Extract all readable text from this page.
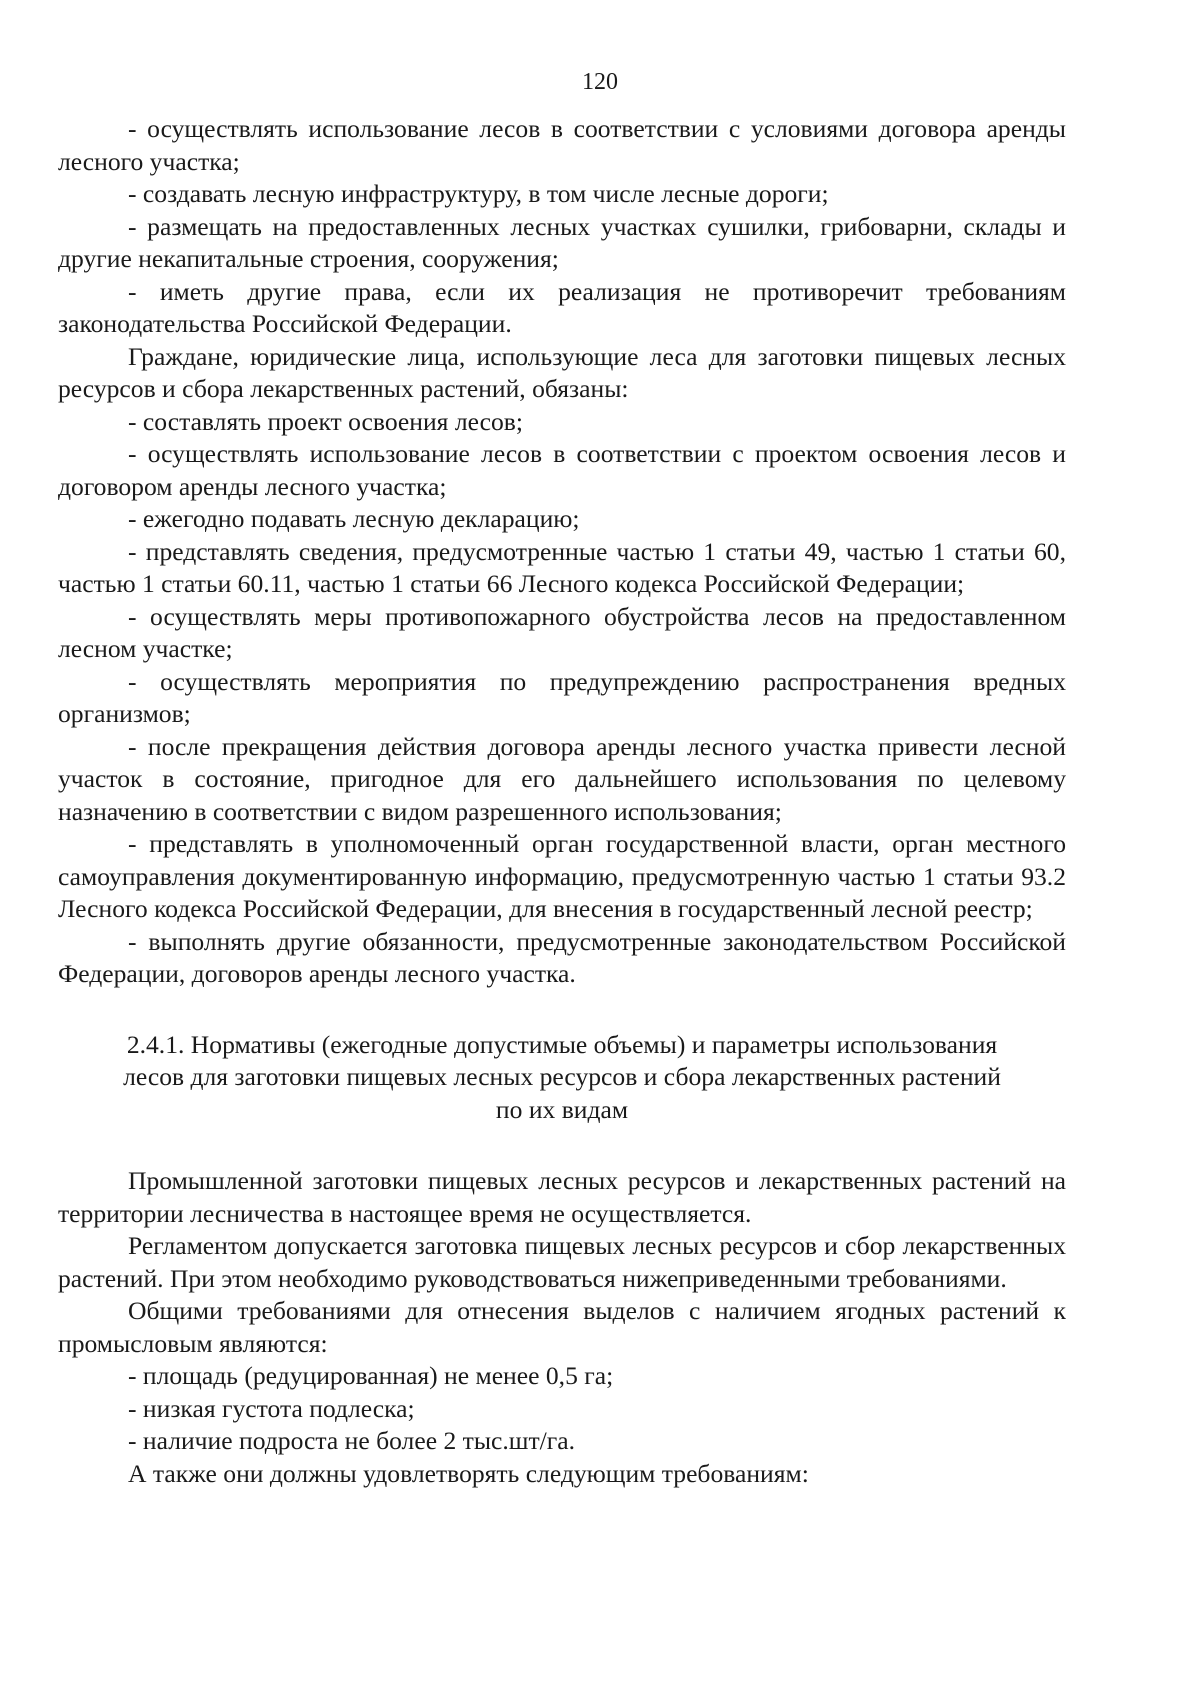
120

- осуществлять использование лесов в соответствии с условиями договора аренды лесного участка;

- создавать лесную инфраструктуру, в том числе лесные дороги;

- размещать на предоставленных лесных участках сушилки, грибоварни, склады и другие некапитальные строения, сооружения;

- иметь другие права, если их реализация не противоречит требованиям законодательства Российской Федерации.

Граждане, юридические лица, использующие леса для заготовки пищевых лесных ресурсов и сбора лекарственных растений, обязаны:

- составлять проект освоения лесов;

- осуществлять использование лесов в соответствии с проектом освоения лесов и договором аренды лесного участка;

- ежегодно подавать лесную декларацию;

- представлять сведения, предусмотренные частью 1 статьи 49, частью 1 статьи 60, частью 1 статьи 60.11, частью 1 статьи 66 Лесного кодекса Российской Федерации;

- осуществлять меры противопожарного обустройства лесов на предоставленном лесном участке;

- осуществлять мероприятия по предупреждению распространения вредных организмов;

- после прекращения действия договора аренды лесного участка привести лесной участок в состояние, пригодное для его дальнейшего использования по целевому назначению в соответствии с видом разрешенного использования;

- представлять в уполномоченный орган государственной власти, орган местного самоуправления документированную информацию, предусмотренную частью 1 статьи 93.2 Лесного кодекса Российской Федерации, для внесения в государственный лесной реестр;

- выполнять другие обязанности, предусмотренные законодательством Российской Федерации, договоров аренды лесного участка.

2.4.1. Нормативы (ежегодные допустимые объемы) и параметры использования
лесов для заготовки пищевых лесных ресурсов и сбора лекарственных растений
по их видам

Промышленной заготовки пищевых лесных ресурсов и лекарственных растений на территории лесничества в настоящее время не осуществляется.

Регламентом допускается заготовка пищевых лесных ресурсов и сбор лекарственных растений. При этом необходимо руководствоваться нижеприведенными требованиями.

Общими требованиями для отнесения выделов с наличием ягодных растений к промысловым являются:

- площадь (редуцированная) не менее 0,5 га;

- низкая густота подлеска;

- наличие подроста не более 2 тыс.шт/га.

А также они должны удовлетворять следующим требованиям:
